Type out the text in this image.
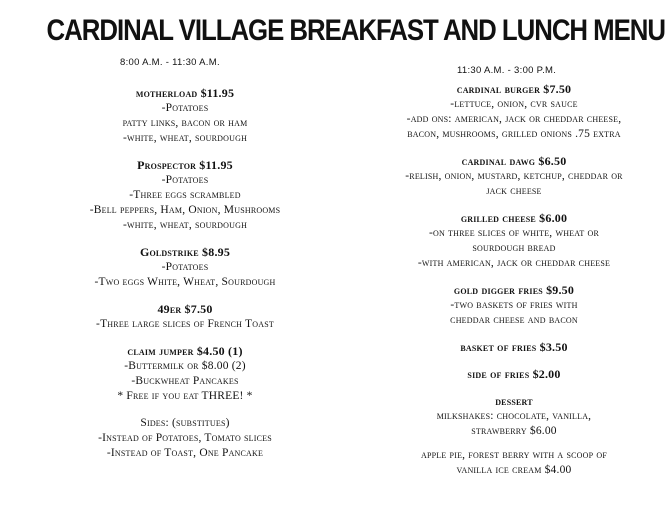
CARDINAL VILLAGE BREAKFAST AND LUNCH MENU
8:00 A.M. - 11:30 A.M.
11:30 A.M. - 3:00 P.M.
motherload $11.95
-Potatoes
patty links, bacon or ham
-white, wheat, sourdough
Prospector $11.95
-Potatoes
-Three eggs scrambled
-Bell peppers, Ham, Onion, Mushrooms
-white, wheat, sourdough
Goldstrike $8.95
-Potatoes
-Two eggs White, Wheat, Sourdough
49er $7.50
-Three large slices of French Toast
claim jumper $4.50 (1)
-Buttermilk or $8.00 (2)
-Buckwheat Pancakes
* Free if you eat THREE! *
Sides: (substitues)
-Instead of Potatoes, Tomato slices
-Instead of Toast, One Pancake
cardinal burger $7.50
-lettuce, onion, cvr sauce
-add ons: american, jack or cheddar cheese,
bacon, mushrooms, grilled onions .75 extra
cardinal dawg $6.50
-relish, onion, mustard, ketchup, cheddar or
jack cheese
grilled cheese $6.00
-on three slices of white, wheat or
sourdough bread
-with american, jack or cheddar cheese
gold digger fries $9.50
-two baskets of fries with
cheddar cheese and bacon
basket of fries $3.50
side of fries $2.00
dessert
milkshakes: chocolate, vanilla,
strawberry $6.00
apple pie, forest berry with a scoop of
vanilla ice cream $4.00
